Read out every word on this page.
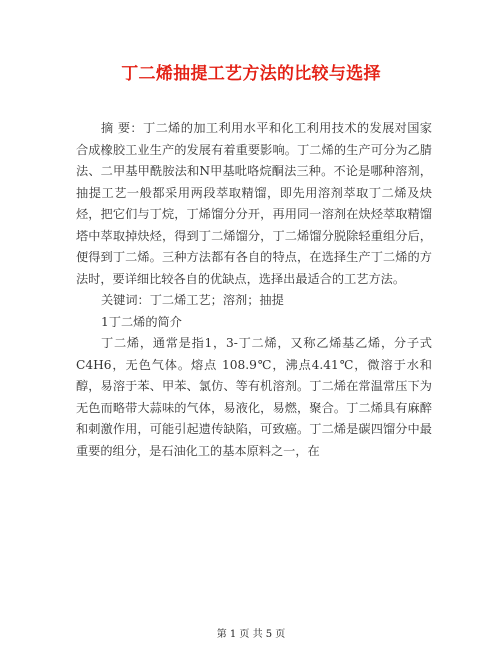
丁二烯抽提工艺方法的比较与选择

摘 要：丁二烯的加工利用水平和化工利用技术的发展对国家合成橡胶工业生产的发展有着重要影响。丁二烯的生产可分为乙腈法、二甲基甲酰胺法和N甲基吡咯烷酮法三种。不论是哪种溶剂，抽提工艺一般都采用两段萃取精馏，即先用溶剂萃取丁二烯及炔烃，把它们与丁烷，丁烯馏分分开，再用同一溶剂在炔烃萃取精馏塔中萃取掉炔烃，得到丁二烯馏分，丁二烯馏分脱除轻重组分后，便得到丁二烯。三种方法都有各自的特点，在选择生产丁二烯的方法时，要详细比较各自的优缺点，选择出最适合的工艺方法。

关键词：丁二烯工艺；溶剂；抽提

1丁二烯的简介

丁二烯，通常是指1，3-丁二烯，又称乙烯基乙烯，分子式C4H6，无色气体。熔点 108.9℃，沸点4.41℃，微溶于水和醇，易溶于苯、甲苯、氯仿、等有机溶剂。丁二烯在常温常压下为无色而略带大蒜味的气体，易液化，易燃，聚合。丁二烯具有麻醉和刺激作用，可能引起遗传缺陷，可致癌。丁二烯是碳四馏分中最重要的组分，是石油化工的基本原料之一，在

第 1 页 共 5 页
